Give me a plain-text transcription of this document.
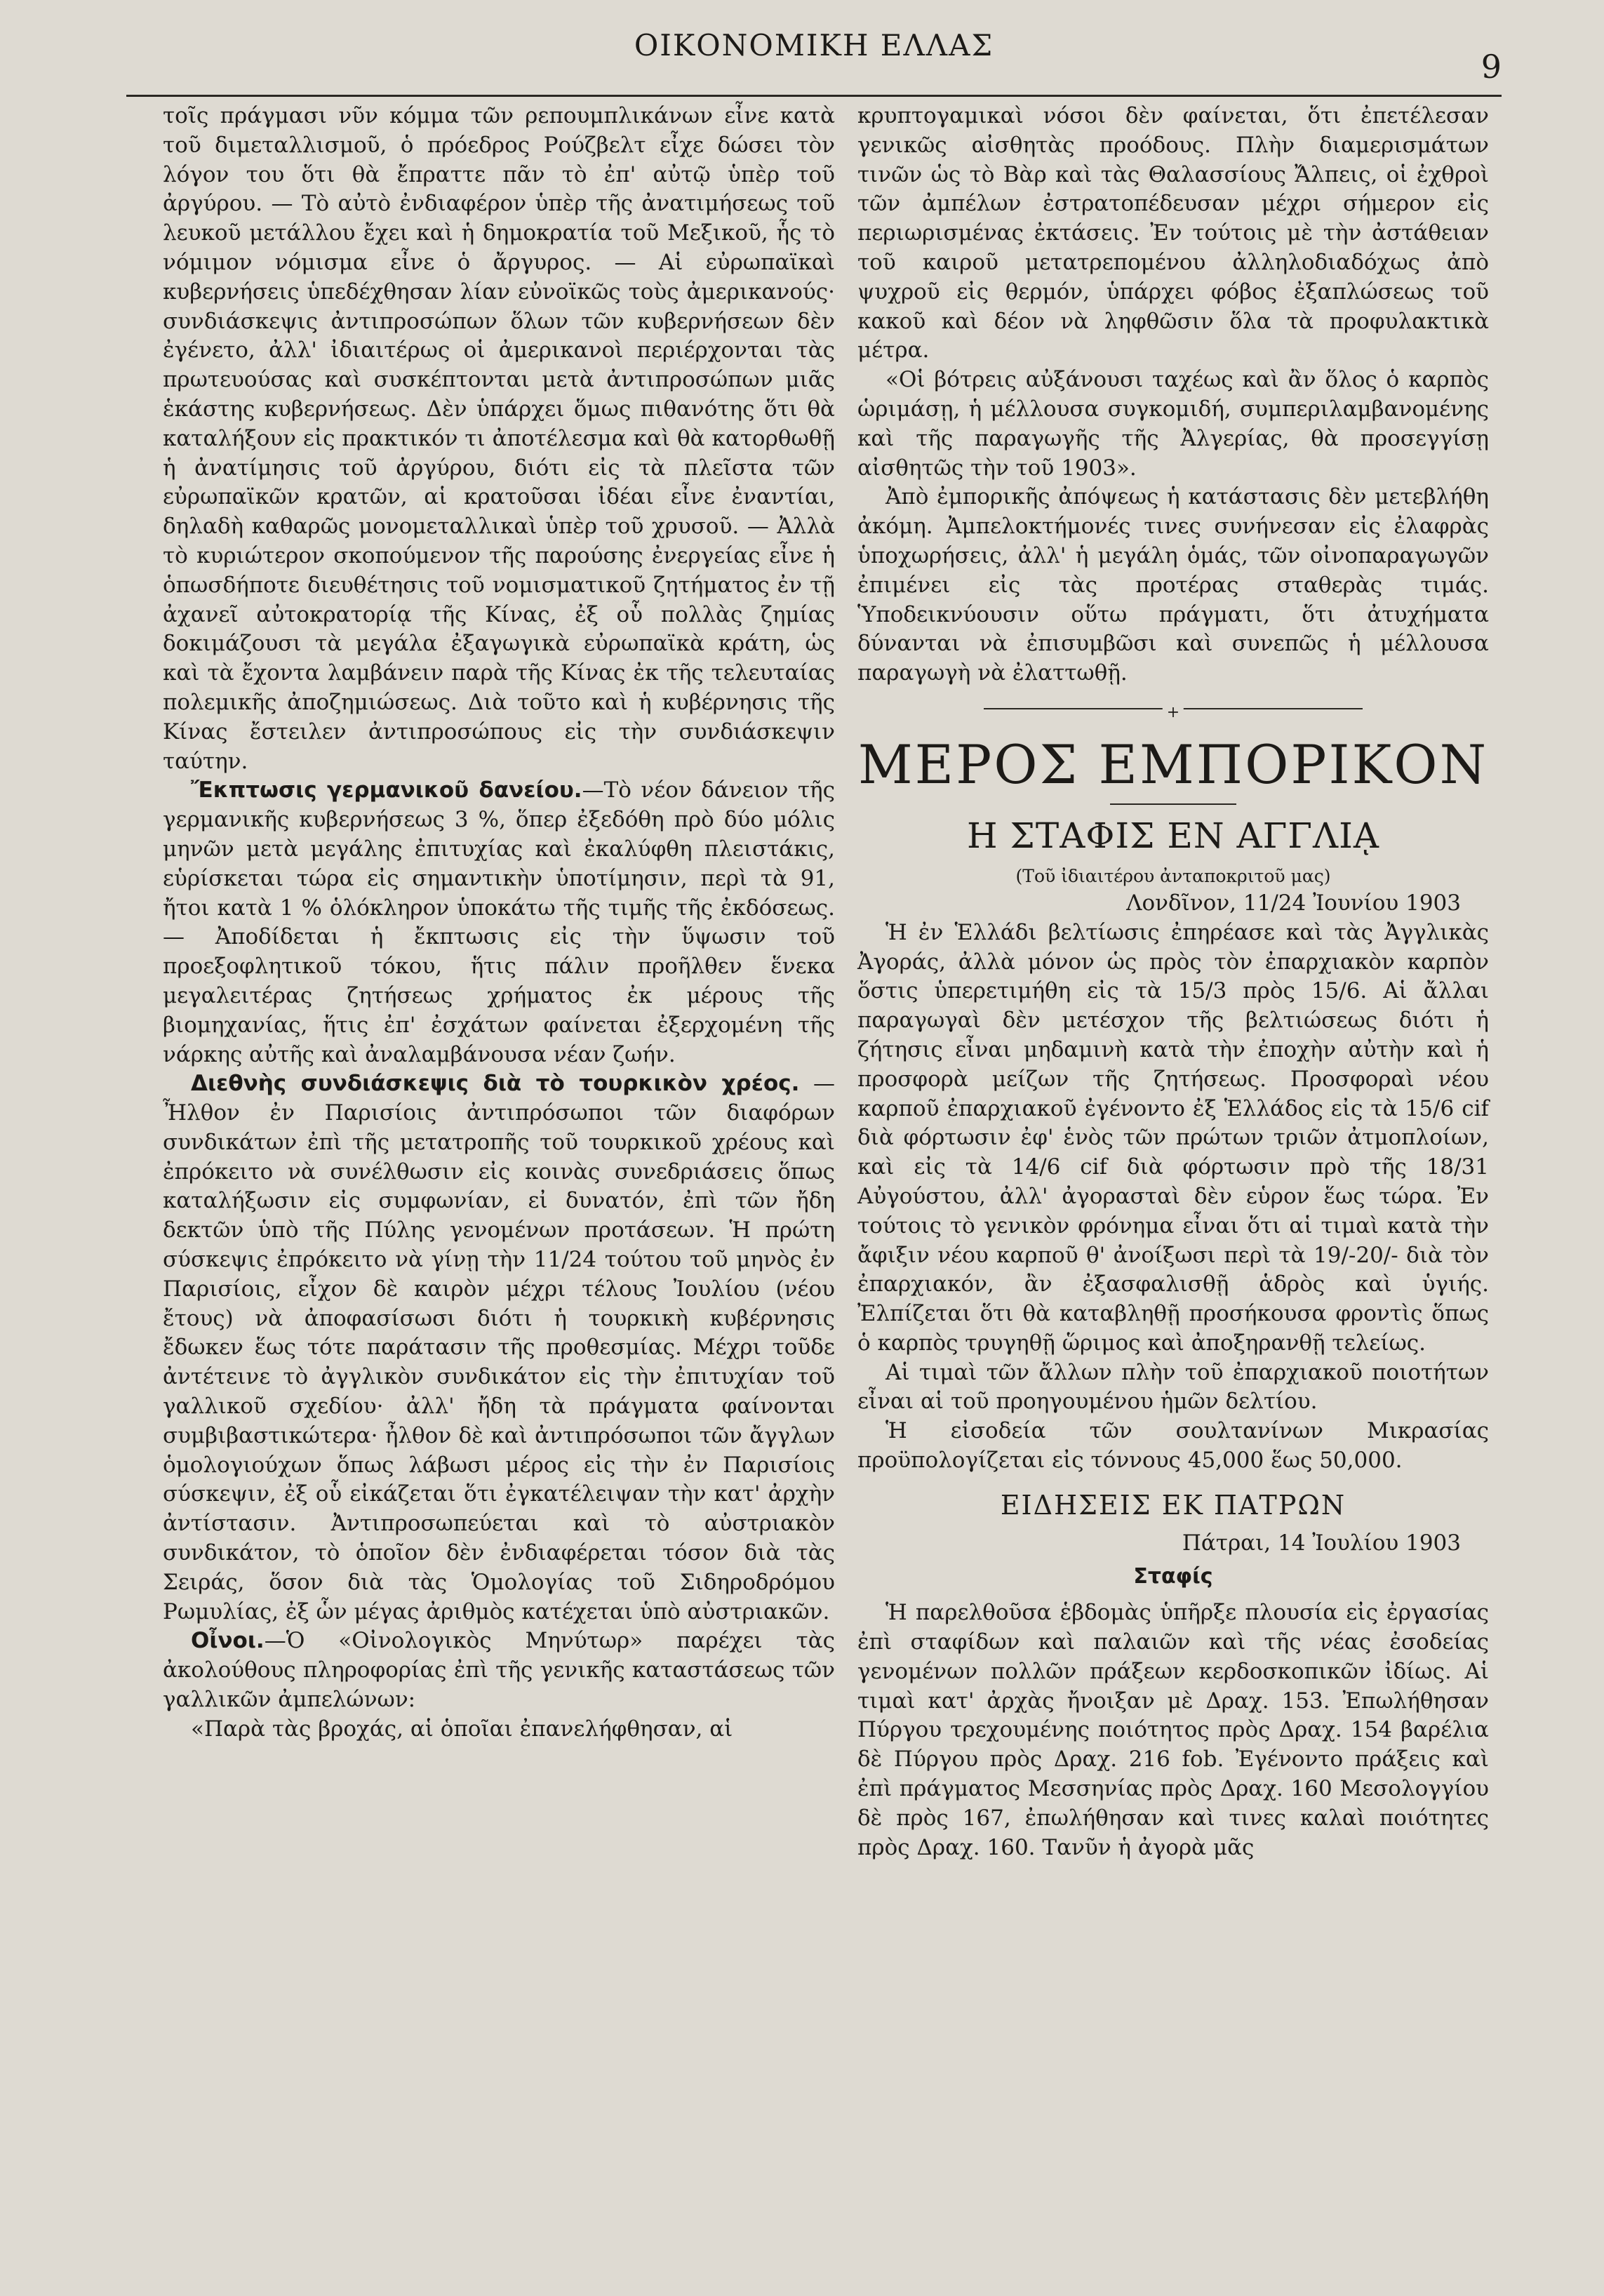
ΟΙΚΟΝΟΜΙΚΗ ΕΛΛΑΣ
9

τοῖς πράγμασι νῦν κόμμα τῶν ρεπουμπλικάνων εἶνε κατὰ τοῦ διμεταλλισμοῦ, ὁ πρόεδρος Ρούζβελτ εἶχε δώσει τὸν λόγον του ὅτι θὰ ἔπραττε πᾶν τὸ ἐπ' αὐτῷ ὑπὲρ τοῦ ἀργύρου. — Τὸ αὐτὸ ἐνδιαφέρον ὑπὲρ τῆς ἀνατιμήσεως τοῦ λευκοῦ μετάλλου ἔχει καὶ ἡ δημοκρατία τοῦ Μεξικοῦ, ἧς τὸ νόμιμον νόμισμα εἶνε ὁ ἄργυρος. — Αἱ εὐρωπαϊκαὶ κυβερνήσεις ὑπεδέχθησαν λίαν εὐνοϊκῶς τοὺς ἀμερικανούς· συνδιάσκεψις ἀντιπροσώπων ὅλων τῶν κυβερνήσεων δὲν ἐγένετο, ἀλλ' ἰδιαιτέρως οἱ ἀμερικανοὶ περιέρχονται τὰς πρωτευούσας καὶ συσκέπτονται μετὰ ἀντιπροσώπων μιᾶς ἑκάστης κυβερνήσεως. Δὲν ὑπάρχει ὅμως πιθανότης ὅτι θὰ καταλήξουν εἰς πρακτικόν τι ἀποτέλεσμα καὶ θὰ κατορθωθῇ ἡ ἀνατίμησις τοῦ ἀργύρου, διότι εἰς τὰ πλεῖστα τῶν εὐρωπαϊκῶν κρατῶν, αἱ κρατοῦσαι ἰδέαι εἶνε ἐναντίαι, δηλαδὴ καθαρῶς μονομεταλλικαὶ ὑπὲρ τοῦ χρυσοῦ. — Ἀλλὰ τὸ κυριώτερον σκοπούμενον τῆς παρούσης ἐνεργείας εἶνε ἡ ὁπωσδήποτε διευθέτησις τοῦ νομισματικοῦ ζητήματος ἐν τῇ ἀχανεῖ αὐτοκρατορίᾳ τῆς Κίνας, ἐξ οὗ πολλὰς ζημίας δοκιμάζουσι τὰ μεγάλα ἐξαγωγικὰ εὐρωπαϊκὰ κράτη, ὡς καὶ τὰ ἔχοντα λαμβάνειν παρὰ τῆς Κίνας ἐκ τῆς τελευταίας πολεμικῆς ἀποζημιώσεως. Διὰ τοῦτο καὶ ἡ κυβέρνησις τῆς Κίνας ἔστειλεν ἀντιπροσώπους εἰς τὴν συνδιάσκεψιν ταύτην.

Ἔκπτωσις γερμανικοῦ δανείου.—Τὸ νέον δάνειον τῆς γερμανικῆς κυβερνήσεως 3 %, ὅπερ ἐξεδόθη πρὸ δύο μόλις μηνῶν μετὰ μεγάλης ἐπιτυχίας καὶ ἐκαλύφθη πλειστάκις, εὑρίσκεται τώρα εἰς σημαντικὴν ὑποτίμησιν, περὶ τὰ 91, ἤτοι κατὰ 1 % ὁλόκληρον ὑποκάτω τῆς τιμῆς τῆς ἐκδόσεως. — Ἀποδίδεται ἡ ἔκπτωσις εἰς τὴν ὕψωσιν τοῦ προεξοφλητικοῦ τόκου, ἥτις πάλιν προῆλθεν ἕνεκα μεγαλειτέρας ζητήσεως χρήματος ἐκ μέρους τῆς βιομηχανίας, ἥτις ἐπ' ἐσχάτων φαίνεται ἐξερχομένη τῆς νάρκης αὐτῆς καὶ ἀναλαμβάνουσα νέαν ζωήν.

Διεθνὴς συνδιάσκεψις διὰ τὸ τουρκικὸν χρέος. — Ἦλθον ἐν Παρισίοις ἀντιπρόσωποι τῶν διαφόρων συνδικάτων ἐπὶ τῆς μετατροπῆς τοῦ τουρκικοῦ χρέους καὶ ἐπρόκειτο νὰ συνέλθωσιν εἰς κοινὰς συνεδριάσεις ὅπως καταλήξωσιν εἰς συμφωνίαν, εἰ δυνατόν, ἐπὶ τῶν ἤδη δεκτῶν ὑπὸ τῆς Πύλης γενομένων προτάσεων. Ἡ πρώτη σύσκεψις ἐπρόκειτο νὰ γίνῃ τὴν 11/24 τούτου τοῦ μηνὸς ἐν Παρισίοις, εἶχον δὲ καιρὸν μέχρι τέλους Ἰουλίου (νέου ἔτους) νὰ ἀποφασίσωσι διότι ἡ τουρκικὴ κυβέρνησις ἔδωκεν ἕως τότε παράτασιν τῆς προθεσμίας. Μέχρι τοῦδε ἀντέτεινε τὸ ἀγγλικὸν συνδικάτον εἰς τὴν ἐπιτυχίαν τοῦ γαλλικοῦ σχεδίου· ἀλλ' ἤδη τὰ πράγματα φαίνονται συμβιβαστικώτερα· ἦλθον δὲ καὶ ἀντιπρόσωποι τῶν ἄγγλων ὁμολογιούχων ὅπως λάβωσι μέρος εἰς τὴν ἐν Παρισίοις σύσκεψιν, ἐξ οὗ εἰκάζεται ὅτι ἐγκατέλειψαν τὴν κατ' ἀρχὴν ἀντίστασιν. Ἀντιπροσωπεύεται καὶ τὸ αὐστριακὸν συνδικάτον, τὸ ὁποῖον δὲν ἐνδιαφέρεται τόσον διὰ τὰς Σειράς, ὅσον διὰ τὰς Ὁμολογίας τοῦ Σιδηροδρόμου Ρωμυλίας, ἐξ ὧν μέγας ἀριθμὸς κατέχεται ὑπὸ αὐστριακῶν.

Οἶνοι.—Ὁ «Οἰνολογικὸς Μηνύτωρ» παρέχει τὰς ἀκολούθους πληροφορίας ἐπὶ τῆς γενικῆς καταστάσεως τῶν γαλλικῶν ἀμπελώνων:

«Παρὰ τὰς βροχάς, αἱ ὁποῖαι ἐπανελήφθησαν, αἱ

κρυπτογαμικαὶ νόσοι δὲν φαίνεται, ὅτι ἐπετέλεσαν γενικῶς αἰσθητὰς προόδους. Πλὴν διαμερισμάτων τινῶν ὡς τὸ Βὰρ καὶ τὰς Θαλασσίους Ἄλπεις, οἱ ἐχθροὶ τῶν ἀμπέλων ἐστρατοπέδευσαν μέχρι σήμερον εἰς περιωρισμένας ἐκτάσεις. Ἐν τούτοις μὲ τὴν ἀστάθειαν τοῦ καιροῦ μετατρεπομένου ἀλληλοδιαδόχως ἀπὸ ψυχροῦ εἰς θερμόν, ὑπάρχει φόβος ἐξαπλώσεως τοῦ κακοῦ καὶ δέον νὰ ληφθῶσιν ὅλα τὰ προφυλακτικὰ μέτρα.

«Οἱ βότρεις αὐξάνουσι ταχέως καὶ ἂν ὅλος ὁ καρπὸς ὡριμάσῃ, ἡ μέλλουσα συγκομιδή, συμπεριλαμβανομένης καὶ τῆς παραγωγῆς τῆς Ἀλγερίας, θὰ προσεγγίσῃ αἰσθητῶς τὴν τοῦ 1903».

Ἀπὸ ἐμπορικῆς ἀπόψεως ἡ κατάστασις δὲν μετεβλήθη ἀκόμη. Ἀμπελοκτήμονές τινες συνήνεσαν εἰς ἐλαφρὰς ὑποχωρήσεις, ἀλλ' ἡ μεγάλη ὁμάς, τῶν οἰνοπαραγωγῶν ἐπιμένει εἰς τὰς προτέρας σταθερὰς τιμάς. Ὑποδεικνύουσιν οὕτω πράγματι, ὅτι ἀτυχήματα δύνανται νὰ ἐπισυμβῶσι καὶ συνεπῶς ἡ μέλλουσα παραγωγὴ νὰ ἐλαττωθῇ.

+
ΜΕΡΟΣ ΕΜΠΟΡΙΚΟΝ
Η ΣΤΑΦΙΣ ΕΝ ΑΓΓΛΙᾼ
(Τοῦ ἰδιαιτέρου ἀνταποκριτοῦ μας)

Λονδῖνον, 11/24 Ἰουνίου 1903

Ἡ ἐν Ἑλλάδι βελτίωσις ἐπηρέασε καὶ τὰς Ἀγγλικὰς Ἀγοράς, ἀλλὰ μόνον ὡς πρὸς τὸν ἐπαρχιακὸν καρπὸν ὅστις ὑπερετιμήθη εἰς τὰ 15/3 πρὸς 15/6. Αἱ ἄλλαι παραγωγαὶ δὲν μετέσχον τῆς βελτιώσεως διότι ἡ ζήτησις εἶναι μηδαμινὴ κατὰ τὴν ἐποχὴν αὐτὴν καὶ ἡ προσφορὰ μείζων τῆς ζητήσεως. Προσφοραὶ νέου καρποῦ ἐπαρχιακοῦ ἐγένοντο ἐξ Ἑλλάδος εἰς τὰ 15/6 cif διὰ φόρτωσιν ἐφ' ἑνὸς τῶν πρώτων τριῶν ἀτμοπλοίων, καὶ εἰς τὰ 14/6 cif διὰ φόρτωσιν πρὸ τῆς 18/31 Αὐγούστου, ἀλλ' ἀγορασταὶ δὲν εὑρον ἕως τώρα. Ἐν τούτοις τὸ γενικὸν φρόνημα εἶναι ὅτι αἱ τιμαὶ κατὰ τὴν ἄφιξιν νέου καρποῦ θ' ἀνοίξωσι περὶ τὰ 19/-20/- διὰ τὸν ἐπαρχιακόν, ἂν ἐξασφαλισθῇ ἁδρὸς καὶ ὑγιής. Ἐλπίζεται ὅτι θὰ καταβληθῇ προσήκουσα φροντὶς ὅπως ὁ καρπὸς τρυγηθῇ ὥριμος καὶ ἀποξηρανθῇ τελείως.

Αἱ τιμαὶ τῶν ἄλλων πλὴν τοῦ ἐπαρχιακοῦ ποιοτήτων εἶναι αἱ τοῦ προηγουμένου ἡμῶν δελτίου.

Ἡ εἰσοδεία τῶν σουλτανίνων Μικρασίας προϋπολογίζεται εἰς τόννους 45,000 ἕως 50,000.

ΕΙΔΗΣΕΙΣ ΕΚ ΠΑΤΡΩΝ

Πάτραι, 14 Ἰουλίου 1903

Σταφίς

Ἡ παρελθοῦσα ἑβδομὰς ὑπῆρξε πλουσία εἰς ἐργασίας ἐπὶ σταφίδων καὶ παλαιῶν καὶ τῆς νέας ἐσοδείας γενομένων πολλῶν πράξεων κερδοσκοπικῶν ἰδίως. Αἱ τιμαὶ κατ' ἀρχὰς ἤνοιξαν μὲ Δραχ. 153. Ἐπωλήθησαν Πύργου τρεχουμένης ποιότητος πρὸς Δραχ. 154 βαρέλια δὲ Πύργου πρὸς Δραχ. 216 fob. Ἐγένοντο πράξεις καὶ ἐπὶ πράγματος Μεσσηνίας πρὸς Δραχ. 160 Μεσολογγίου δὲ πρὸς 167, ἐπωλήθησαν καὶ τινες καλαὶ ποιότητες πρὸς Δραχ. 160. Τανῦν ἡ ἀγορὰ μᾶς
